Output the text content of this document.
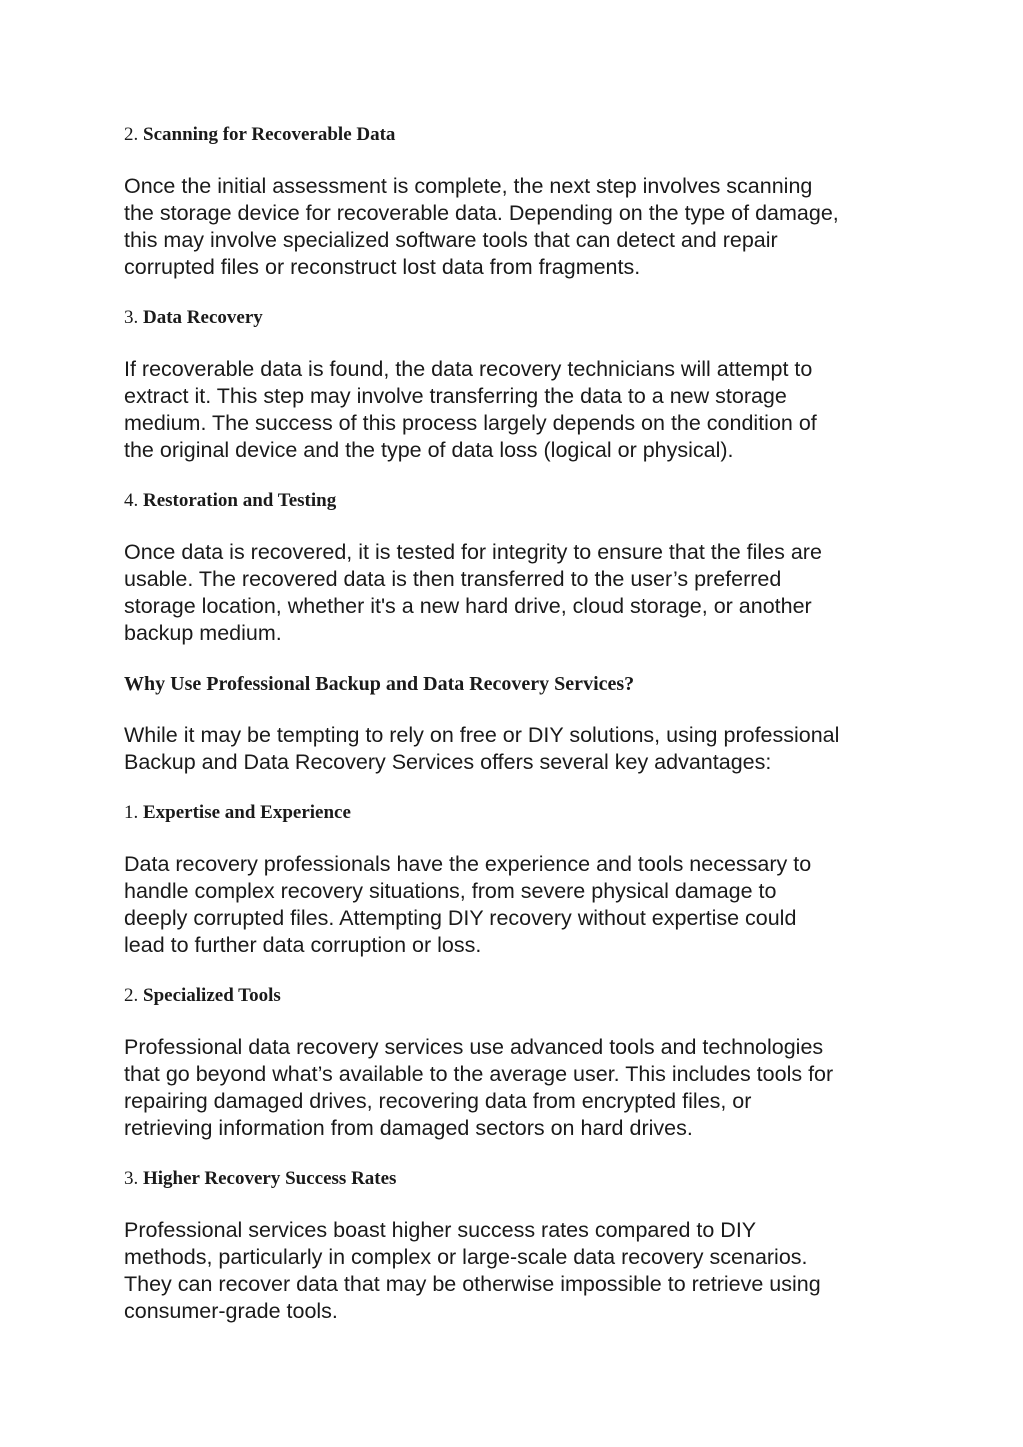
2. Scanning for Recoverable Data

Once the initial assessment is complete, the next step involves scanning
the storage device for recoverable data. Depending on the type of damage,
this may involve specialized software tools that can detect and repair
corrupted files or reconstruct lost data from fragments.

3. Data Recovery

If recoverable data is found, the data recovery technicians will attempt to
extract it. This step may involve transferring the data to a new storage
medium. The success of this process largely depends on the condition of
the original device and the type of data loss (logical or physical).

4. Restoration and Testing

Once data is recovered, it is tested for integrity to ensure that the files are
usable. The recovered data is then transferred to the user’s preferred
storage location, whether it's a new hard drive, cloud storage, or another
backup medium.

Why Use Professional Backup and Data Recovery Services?

While it may be tempting to rely on free or DIY solutions, using professional
Backup and Data Recovery Services offers several key advantages:

1. Expertise and Experience

Data recovery professionals have the experience and tools necessary to
handle complex recovery situations, from severe physical damage to
deeply corrupted files. Attempting DIY recovery without expertise could
lead to further data corruption or loss.

2. Specialized Tools

Professional data recovery services use advanced tools and technologies
that go beyond what’s available to the average user. This includes tools for
repairing damaged drives, recovering data from encrypted files, or
retrieving information from damaged sectors on hard drives.

3. Higher Recovery Success Rates

Professional services boast higher success rates compared to DIY
methods, particularly in complex or large-scale data recovery scenarios.
They can recover data that may be otherwise impossible to retrieve using
consumer-grade tools.
